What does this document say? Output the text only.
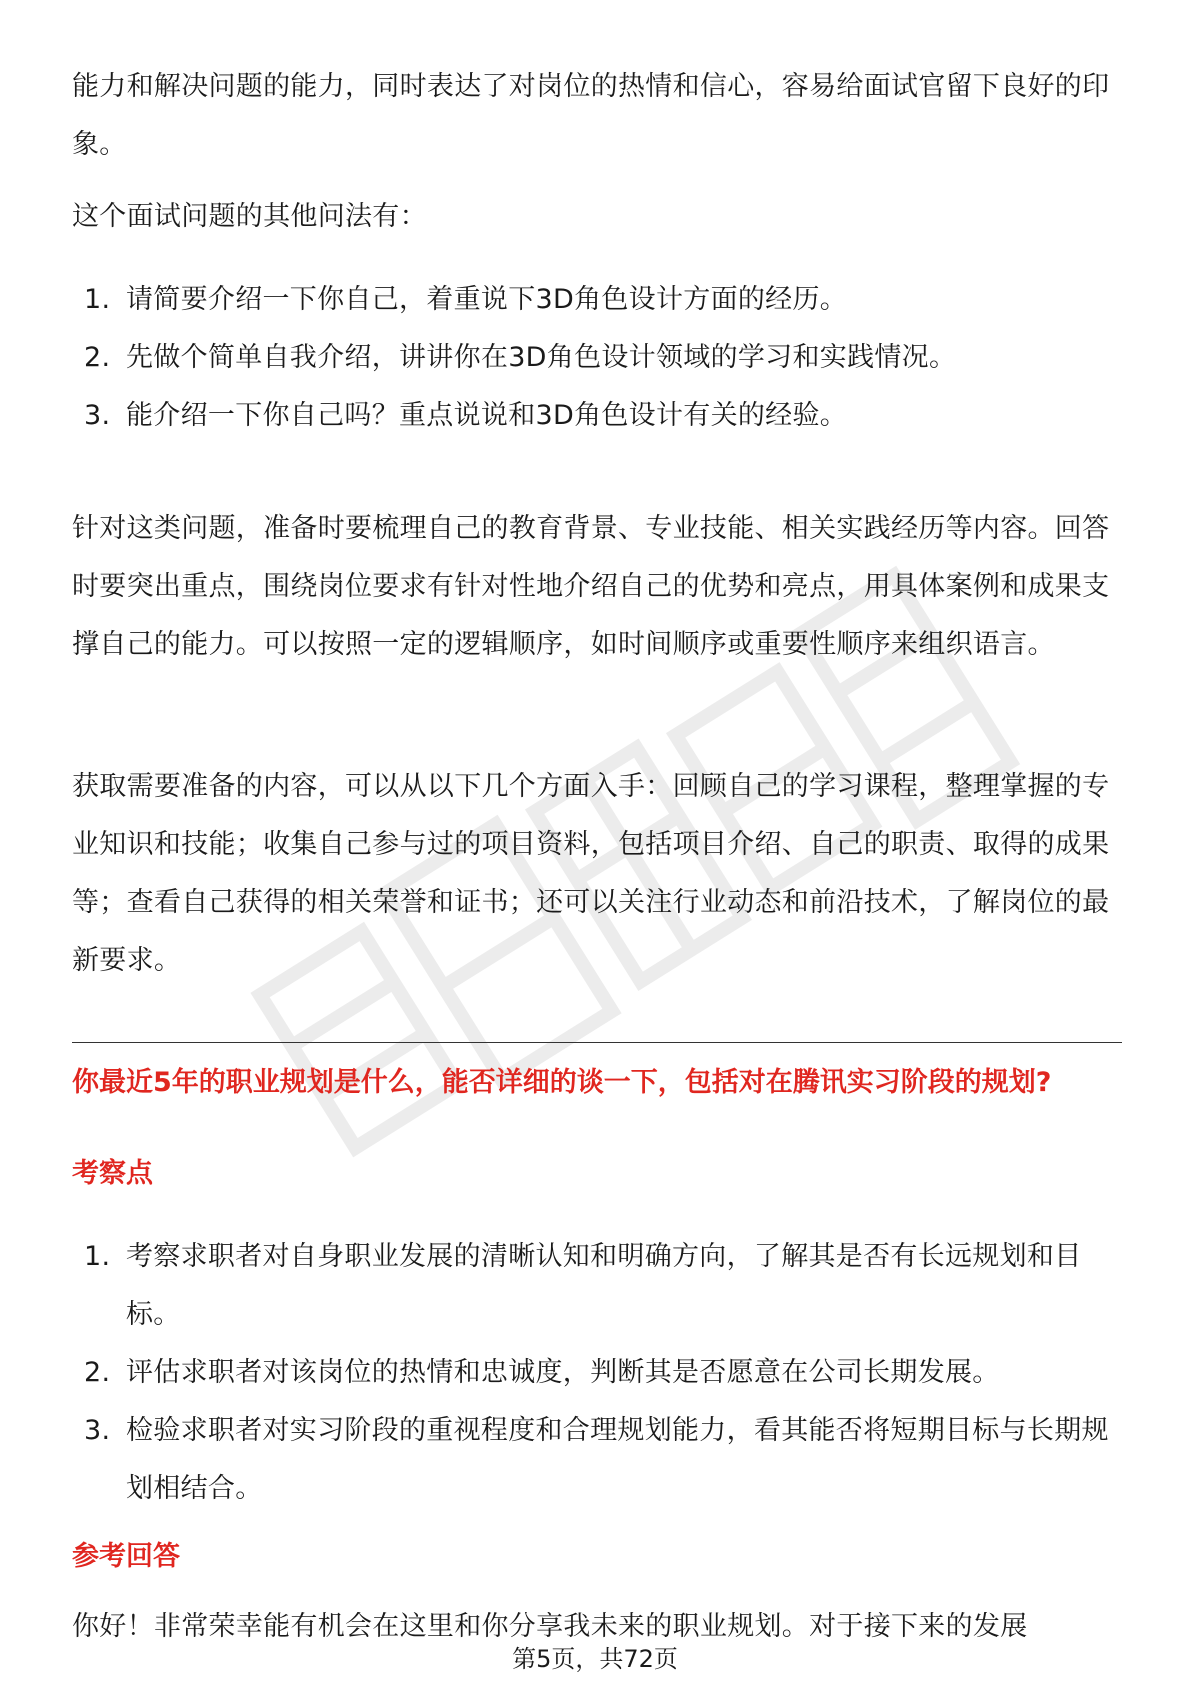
能力和解决问题的能力，同时表达了对岗位的热情和信心，容易给面试官留下良好的印象。

这个面试问题的其他问法有：

1. 请简要介绍一下你自己，着重说下3D角色设计方面的经历。
2. 先做个简单自我介绍，讲讲你在3D角色设计领域的学习和实践情况。
3. 能介绍一下你自己吗？重点说说和3D角色设计有关的经验。

针对这类问题，准备时要梳理自己的教育背景、专业技能、相关实践经历等内容。回答时要突出重点，围绕岗位要求有针对性地介绍自己的优势和亮点，用具体案例和成果支撑自己的能力。可以按照一定的逻辑顺序，如时间顺序或重要性顺序来组织语言。

获取需要准备的内容，可以从以下几个方面入手：回顾自己的学习课程，整理掌握的专业知识和技能；收集自己参与过的项目资料，包括项目介绍、自己的职责、取得的成果等；查看自己获得的相关荣誉和证书；还可以关注行业动态和前沿技术，了解岗位的最新要求。

你最近5年的职业规划是什么，能否详细的谈一下，包括对在腾讯实习阶段的规划?
考察点
1. 考察求职者对自身职业发展的清晰认知和明确方向，了解其是否有长远规划和目标。
2. 评估求职者对该岗位的热情和忠诚度，判断其是否愿意在公司长期发展。
3. 检验求职者对实习阶段的重视程度和合理规划能力，看其能否将短期目标与长期规划相结合。
参考回答

你好！非常荣幸能有机会在这里和你分享我未来的职业规划。对于接下来的发展

第5页，共72页
